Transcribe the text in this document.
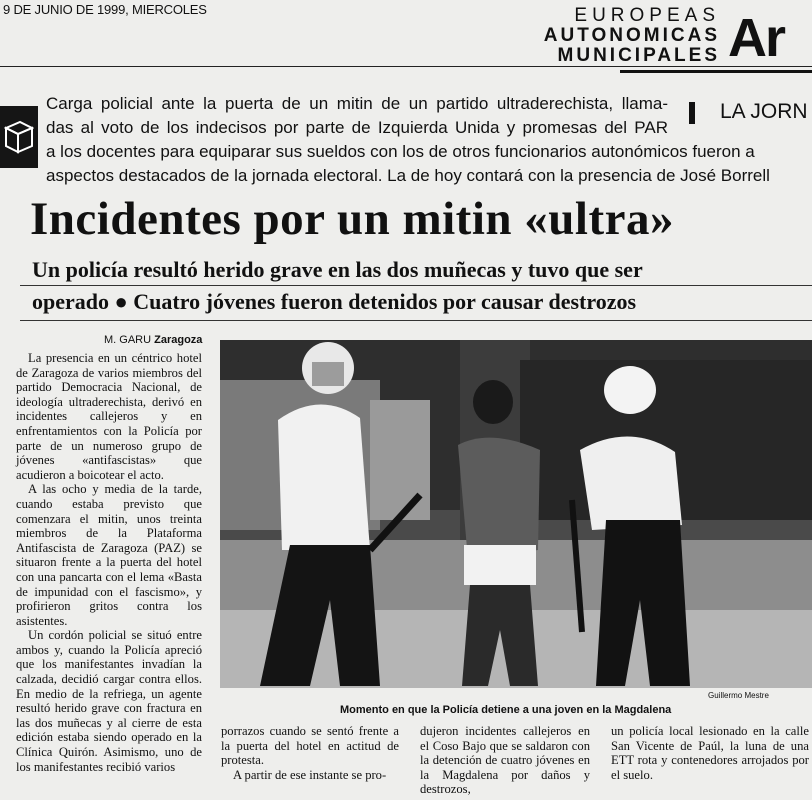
9 DE JUNIO DE 1999, MIERCOLES	EUROPEAS
AUTONOMICAS
MUNICIPALES Ar
Carga policial ante la puerta de un mitin de un partido ultraderechista, llama-
das al voto de los indecisos por parte de Izquierda Unida y promesas del PAR
a los docentes para equiparar sus sueldos con los de otros funcionarios autonómicos fueron a
aspectos destacados de la jornada electoral. La de hoy contará con la presencia de José Borrell
LA JORN
Incidentes por un mitin «ultra»
Un policía resultó herido grave en las dos muñecas y tuvo que ser
operado ● Cuatro jóvenes fueron detenidos por causar destrozos
M. GARU Zaragoza

La presencia en un céntrico hotel de Zaragoza de varios miembros del partido Democracia Nacional, de ideología ultraderechista, derivó en incidentes callejeros y en enfrentamientos con la Policía por parte de un numeroso grupo de jóvenes «antifascistas» que acudieron a boicotear el acto.

A las ocho y media de la tarde, cuando estaba previsto que comenzara el mitin, unos treinta miembros de la Plataforma Antifascista de Zaragoza (PAZ) se situaron frente a la puerta del hotel con una pancarta con el lema «Basta de impunidad con el fascismo», y profirieron gritos contra los asistentes.

Un cordón policial se situó entre ambos y, cuando la Policía apreció que los manifestantes invadían la calzada, decidió cargar contra ellos. En medio de la refriega, un agente resultó herido grave con fractura en las dos muñecas y al cierre de esta edición estaba siendo operado en la Clínica Quirón. Asimismo, uno de los manifestantes recibió varios

Guillermo Mestre
Momento en que la Policía detiene a una joven en la Magdalena

porrazos cuando se sentó frente a la puerta del hotel en actitud de protesta.

A partir de ese instante se pro-

dujeron incidentes callejeros en el Coso Bajo que se saldaron con la detención de cuatro jóvenes en la Magdalena por daños y destrozos,

un policía local lesionado en la calle San Vicente de Paúl, la luna de una ETT rota y contenedores arrojados por el suelo.
